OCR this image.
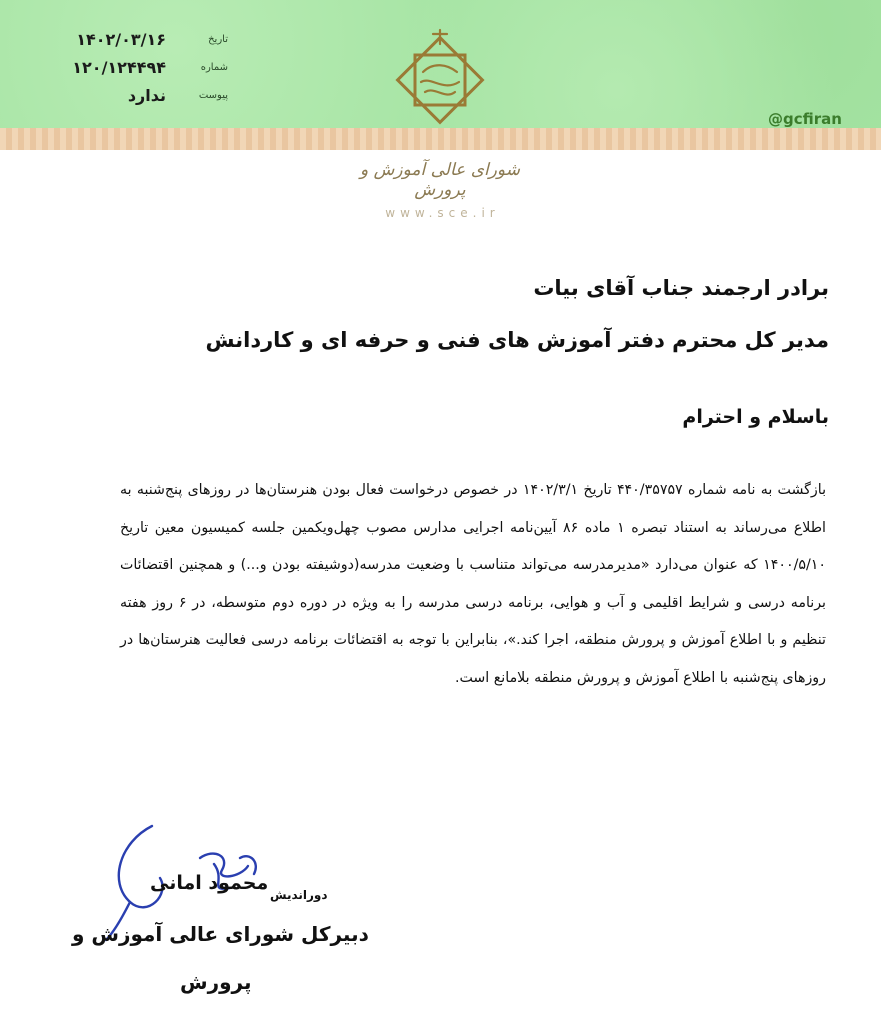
۱۴۰۲/۰۳/۱۶	تاریخ
۱۲۰/۱۲۴۴۹۴	شماره
ندارد	پیوست
شورای عالی آموزش و پرورش
www.sce.ir
@gcfiran
برادر ارجمند جناب آقای بیات
مدیر کل محترم دفتر آموزش های فنی و حرفه ای و کاردانش
باسلام و احترام
بازگشت به نامه شماره ۴۴۰/۳۵۷۵۷ تاریخ ۱۴۰۲/۳/۱ در خصوص درخواست فعال بودن هنرستان‌ها در روزهای پنج‌شنبه به اطلاع می‌رساند به استناد تبصره ۱ ماده ۸۶ آیین‌نامه اجرایی مدارس مصوب چهل‌ویکمین جلسه کمیسیون معین تاریخ ۱۴۰۰/۵/۱۰ که عنوان می‌دارد «مدیرمدرسه می‌تواند متناسب با وضعیت مدرسه(دوشیفته بودن و...) و همچنین اقتضائات برنامه درسی و شرایط اقلیمی و آب و هوایی، برنامه درسی مدرسه را به ویژه در دوره دوم متوسطه، در ۶ روز هفته تنظیم و با اطلاع آموزش و پرورش منطقه، اجرا کند.»، بنابراین با توجه به اقتضائات برنامه درسی فعالیت هنرستان‌ها در روزهای پنج‌شنبه با اطلاع آموزش و پرورش منطقه بلامانع است.
محمود امانی
دوراندیش
دبیرکل شورای عالی آموزش و
پرورش
